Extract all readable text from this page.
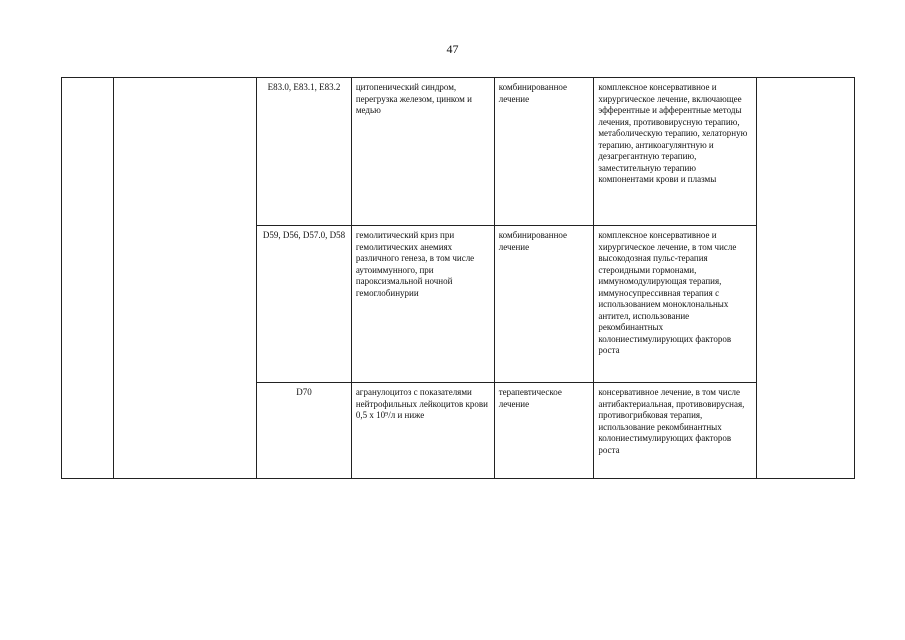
47
		E83.0, E83.1, E83.2	цитопенический синдром, перегрузка железом, цинком и медью	комбинированное лечение	комплексное консервативное и хирургическое лечение, включающее эфферентные и афферентные методы лечения, противовирусную терапию, метаболическую терапию, хелаторную терапию, антикоагулянтную и дезагрегантную терапию, заместительную терапию компонентами крови и плазмы	
		D59, D56, D57.0, D58	гемолитический криз при гемолитических анемиях различного генеза, в том числе аутоиммунного, при пароксизмальной ночной гемоглобинурии	комбинированное лечение	комплексное консервативное и хирургическое лечение, в том числе высокодозная пульс-терапия стероидными гормонами, иммуномодулирующая терапия, иммуносупрессивная терапия с использованием моноклональных антител, использование рекомбинантных колониестимулирующих факторов роста	
		D70	агранулоцитоз с показателями нейтрофильных лейкоцитов крови 0,5 х 10⁹/л и ниже	терапевтическое лечение	консервативное лечение, в том числе антибактериальная, противовирусная, противогрибковая терапия, использование рекомбинантных колониестимулирующих факторов роста	
